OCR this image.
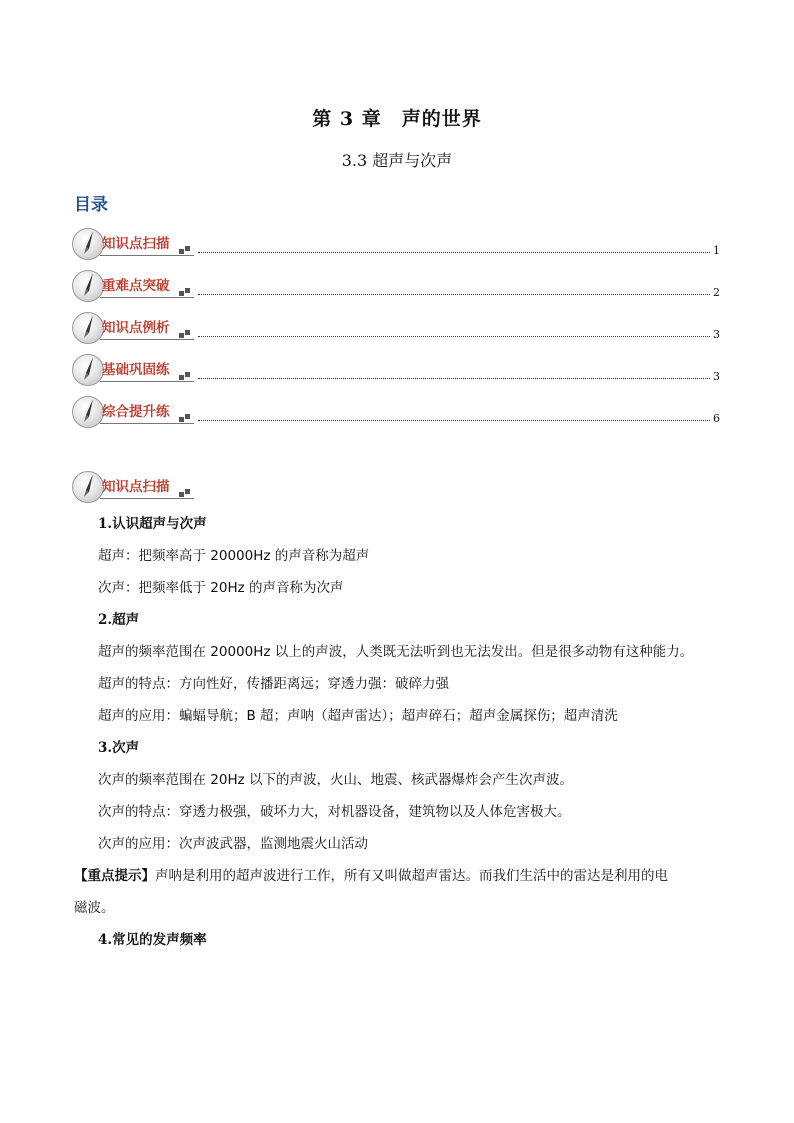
第 3 章　声的世界
3.3 超声与次声
目录
知识点扫描	1
重难点突破	2
知识点例析	3
基础巩固练	3
综合提升练	6
知识点扫描
1.认识超声与次声
超声：把频率高于 20000Hz 的声音称为超声
次声：把频率低于 20Hz 的声音称为次声
2.超声
超声的频率范围在 20000Hz 以上的声波，人类既无法听到也无法发出。但是很多动物有这种能力。
超声的特点：方向性好，传播距离远；穿透力强：破碎力强
超声的应用：蝙蝠导航；B 超；声呐（超声雷达）；超声碎石；超声金属探伤；超声清洗
3.次声
次声的频率范围在 20Hz 以下的声波，火山、地震、核武器爆炸会产生次声波。
次声的特点：穿透力极强，破坏力大，对机器设备，建筑物以及人体危害极大。
次声的应用：次声波武器，监测地震火山活动
【重点提示】声呐是利用的超声波进行工作，所有又叫做超声雷达。而我们生活中的雷达是利用的电
磁波。
4.常见的发声频率
